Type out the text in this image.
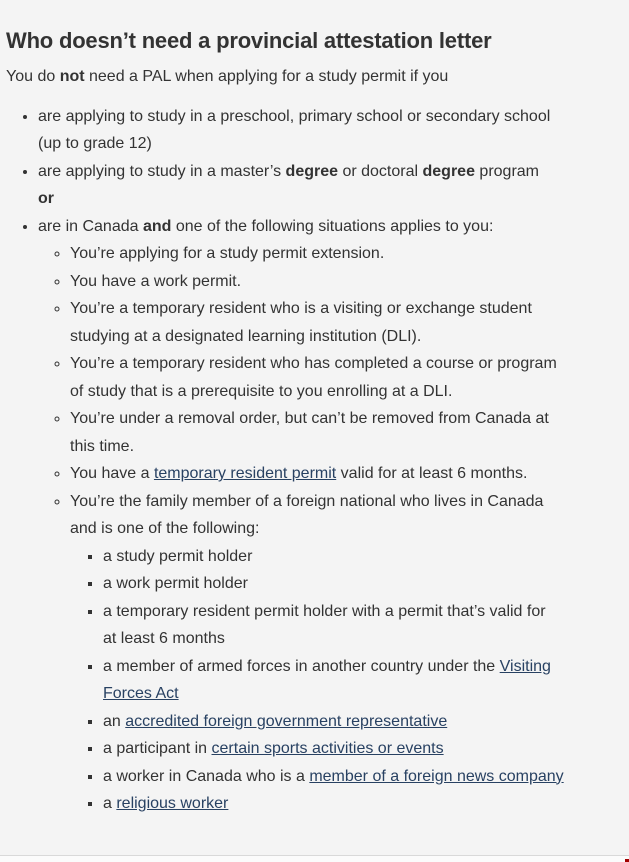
Who doesn’t need a provincial attestation letter

You do not need a PAL when applying for a study permit if you

• are applying to study in a preschool, primary school or secondary school
(up to grade 12)
• are applying to study in a master’s degree or doctoral degree program
or
• are in Canada and one of the following situations applies to you:
◦ You’re applying for a study permit extension.
◦ You have a work permit.
◦ You’re a temporary resident who is a visiting or exchange student
studying at a designated learning institution (DLI).
◦ You’re a temporary resident who has completed a course or program
of study that is a prerequisite to you enrolling at a DLI.
◦ You’re under a removal order, but can’t be removed from Canada at
this time.
◦ You have a temporary resident permit valid for at least 6 months.
◦ You’re the family member of a foreign national who lives in Canada
and is one of the following:
▪ a study permit holder
▪ a work permit holder
▪ a temporary resident permit holder with a permit that’s valid for
at least 6 months
▪ a member of armed forces in another country under the Visiting
Forces Act
▪ an accredited foreign government representative
▪ a participant in certain sports activities or events
▪ a worker in Canada who is a member of a foreign news company
▪ a religious worker
